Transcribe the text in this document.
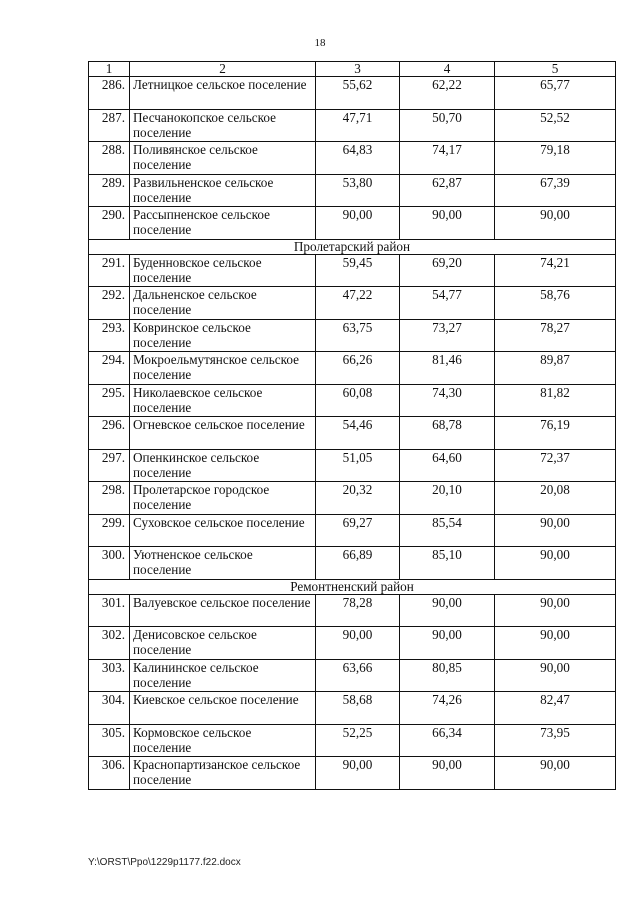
18
1	2	3	4	5
286.	Летницкое сельское поселение	55,62	62,22	65,77
287.	Песчанокопское сельское поселение	47,71	50,70	52,52
288.	Поливянское сельское поселение	64,83	74,17	79,18
289.	Развильненское сельское поселение	53,80	62,87	67,39
290.	Рассыпненское сельское поселение	90,00	90,00	90,00
Пролетарский район				
291.	Буденновское сельское поселение	59,45	69,20	74,21
292.	Дальненское сельское поселение	47,22	54,77	58,76
293.	Ковринское сельское поселение	63,75	73,27	78,27
294.	Мокроельмутянское сельское поселение	66,26	81,46	89,87
295.	Николаевское сельское поселение	60,08	74,30	81,82
296.	Огневское сельское поселение	54,46	68,78	76,19
297.	Опенкинское сельское поселение	51,05	64,60	72,37
298.	Пролетарское городское поселение	20,32	20,10	20,08
299.	Суховское сельское поселение	69,27	85,54	90,00
300.	Уютненское сельское поселение	66,89	85,10	90,00
Ремонтненский район				
301.	Валуевское сельское поселение	78,28	90,00	90,00
302.	Денисовское сельское поселение	90,00	90,00	90,00
303.	Калининское сельское поселение	63,66	80,85	90,00
304.	Киевское сельское поселение	58,68	74,26	82,47
305.	Кормовское сельское поселение	52,25	66,34	73,95
306.	Краснопартизанское сельское поселение	90,00	90,00	90,00
Y:\ORST\Ppo\1229p1177.f22.docx
